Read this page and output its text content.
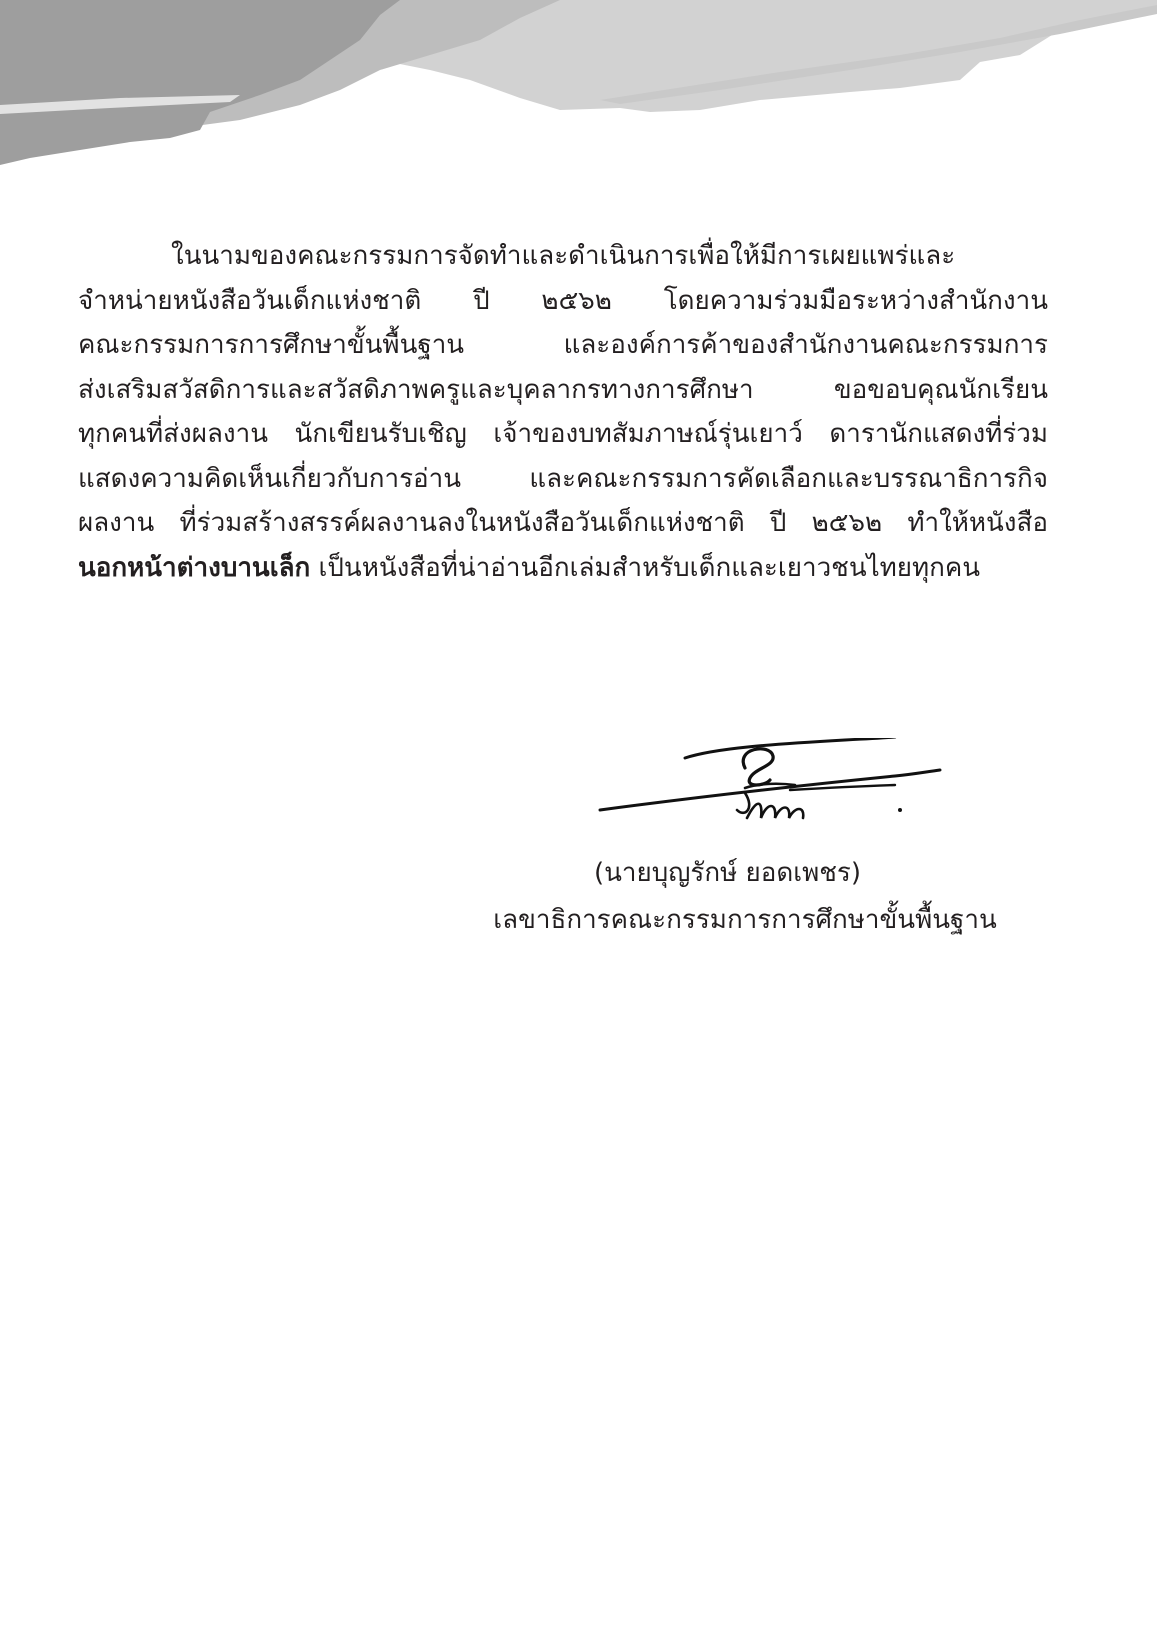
ในนามของคณะกรรมการจัดทำและดำเนินการเพื่อให้มีการเผยแพร่และ
จำหน่ายหนังสือวันเด็กแห่งชาติ ปี ๒๕๖๒ โดยความร่วมมือระหว่างสำนักงาน
คณะกรรมการการศึกษาขั้นพื้นฐาน และองค์การค้าของสำนักงานคณะกรรมการ
ส่งเสริมสวัสดิการและสวัสดิภาพครูและบุคลากรทางการศึกษา ขอขอบคุณนักเรียน
ทุกคนที่ส่งผลงาน นักเขียนรับเชิญ เจ้าของบทสัมภาษณ์รุ่นเยาว์ ดารานักแสดงที่ร่วม
แสดงความคิดเห็นเกี่ยวกับการอ่าน และคณะกรรมการคัดเลือกและบรรณาธิการกิจ
ผลงาน ที่ร่วมสร้างสรรค์ผลงานลงในหนังสือวันเด็กแห่งชาติ ปี ๒๕๖๒ ทำให้หนังสือ
นอกหน้าต่างบานเล็ก เป็นหนังสือที่น่าอ่านอีกเล่มสำหรับเด็กและเยาวชนไทยทุกคน
(นายบุญรักษ์ ยอดเพชร)
เลขาธิการคณะกรรมการการศึกษาขั้นพื้นฐาน
